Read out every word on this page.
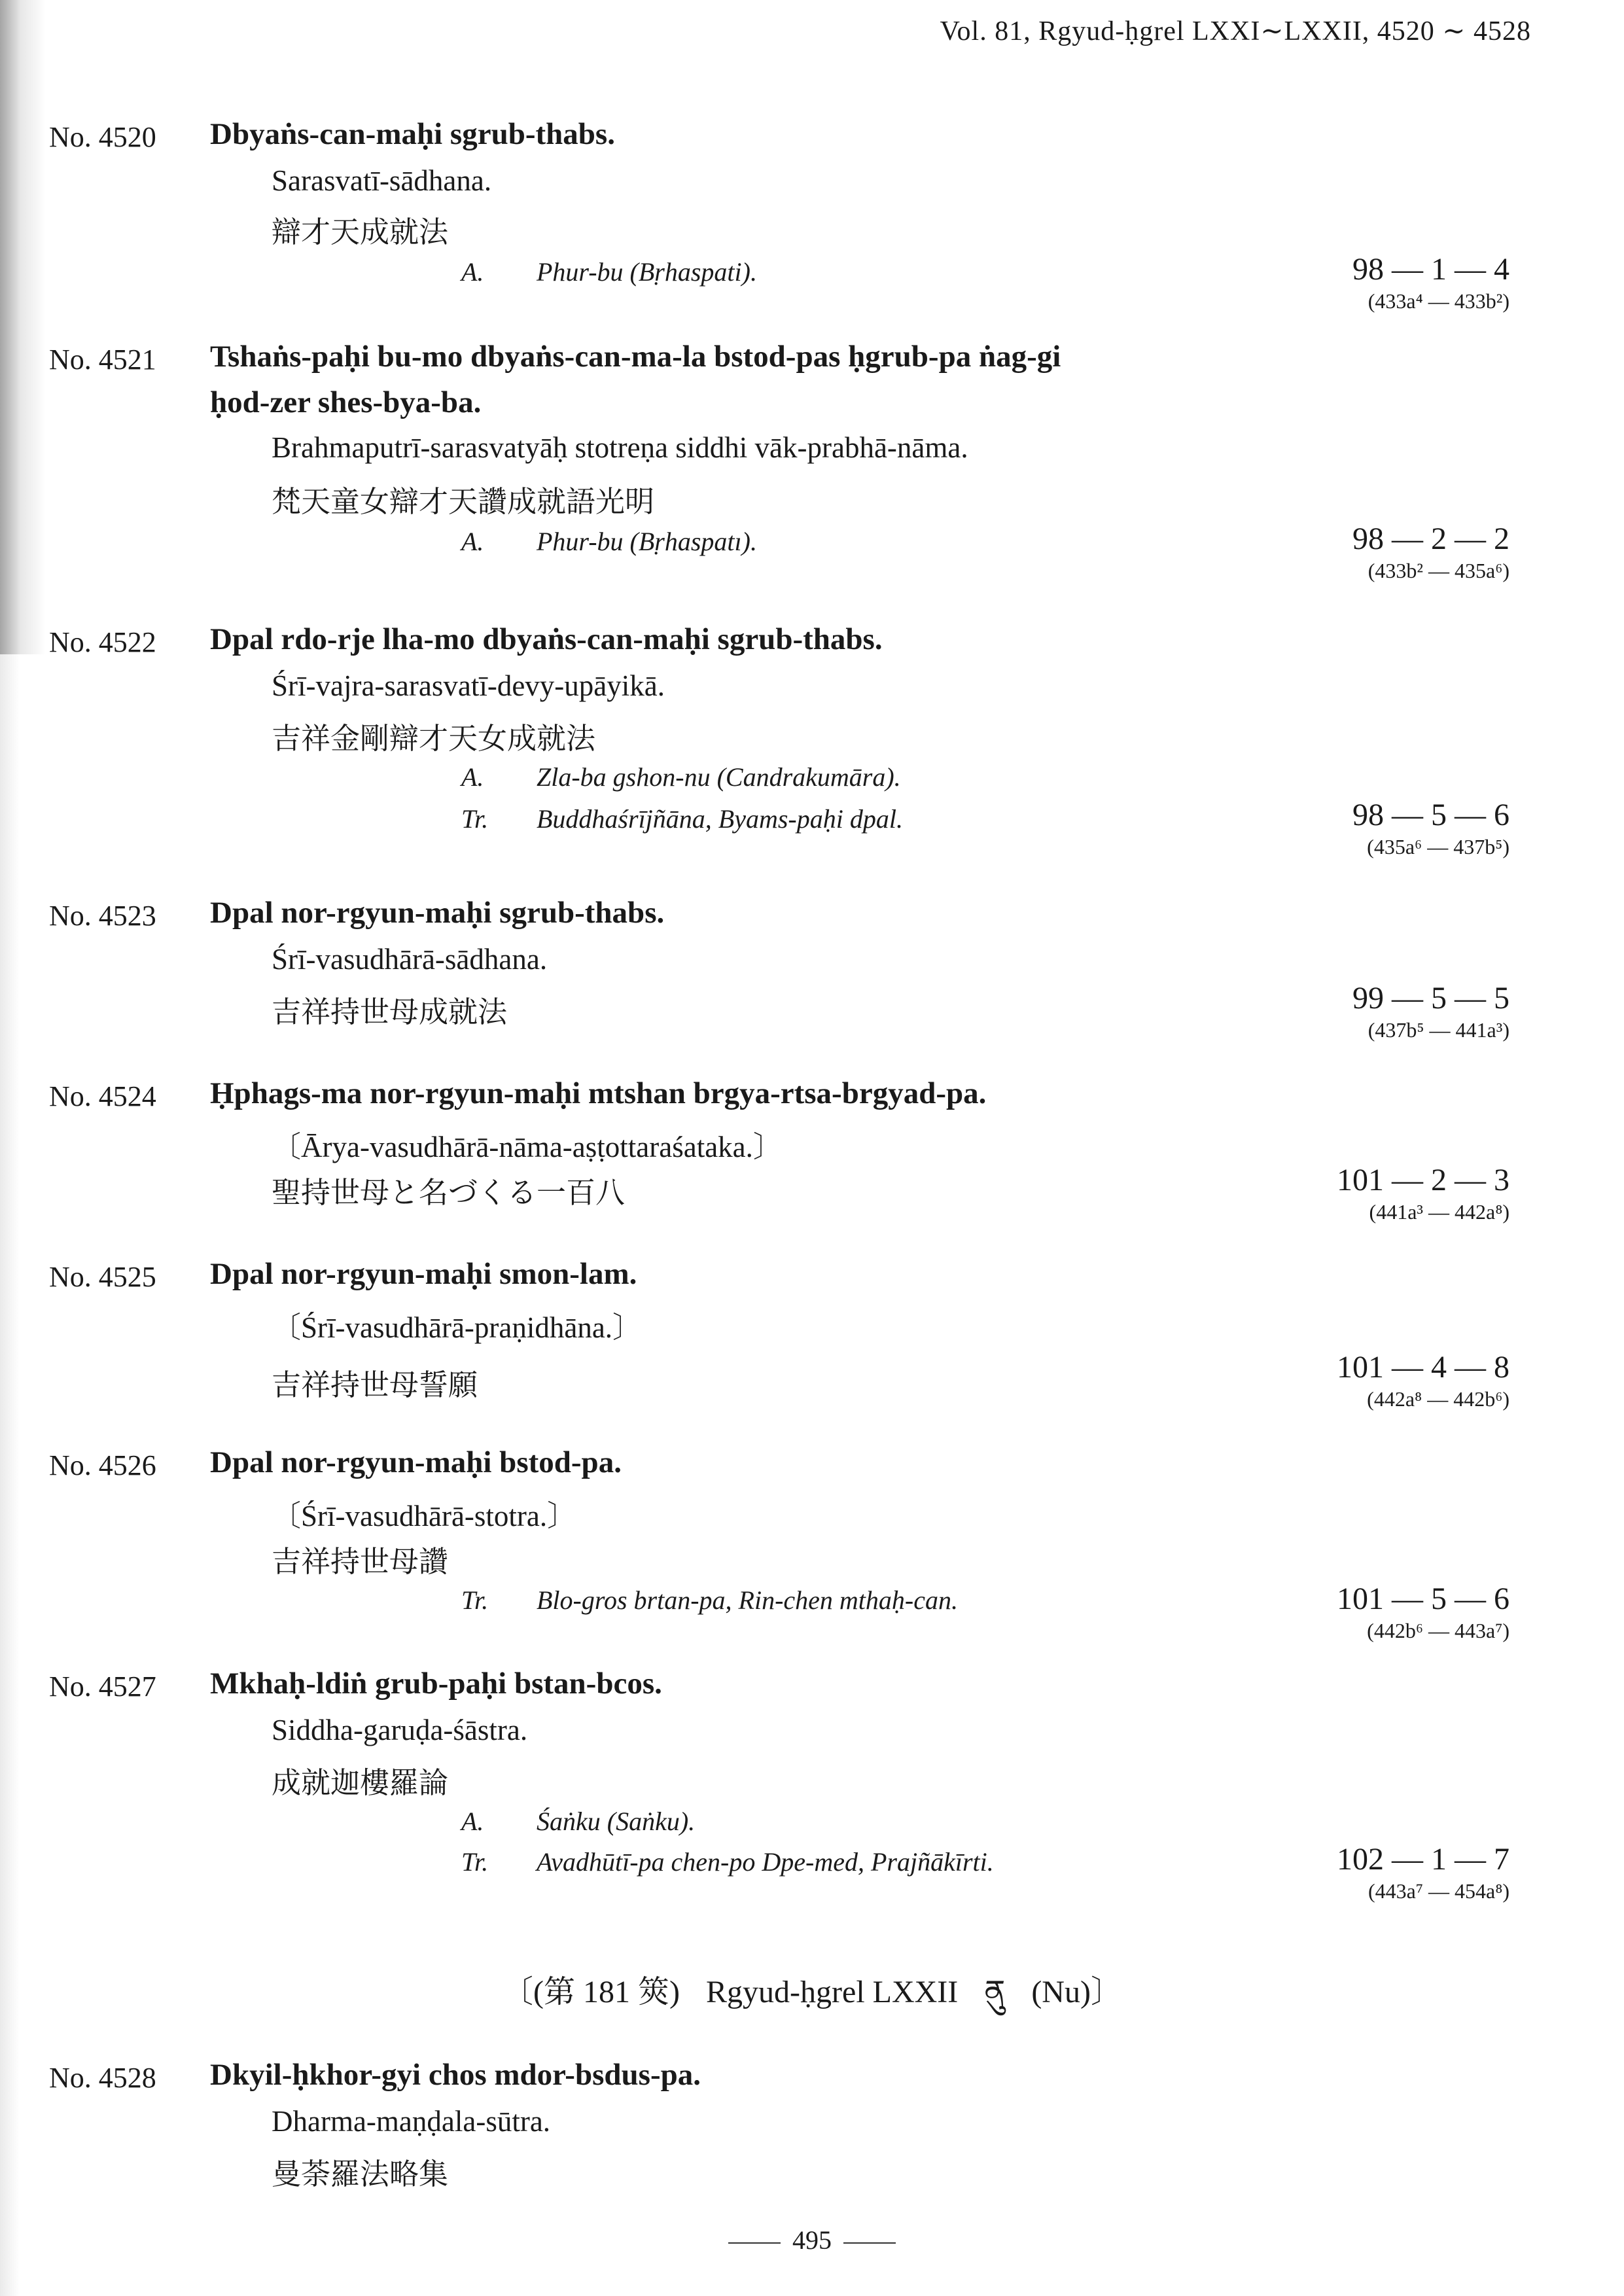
Vol. 81, Rgyud-ḥgrel LXXI∼LXXII, 4520 ∼ 4528
No. 4520 Dbyaṅs-can-maḥi sgrub-thabs.
Sarasvatī-sādhana.
辯才天成就法
A. Phur-bu (Bṛhaspati).	98 — 1 — 4
(433a⁴ — 433b²)
No. 4521 Tshaṅs-paḥi bu-mo dbyaṅs-can-ma-la bstod-pas ḥgrub-pa ṅag-gi
ḥod-zer shes-bya-ba.
Brahmaputrī-sarasvatyāḥ stotreṇa siddhi vāk-prabhā-nāma.
梵天童女辯才天讚成就語光明
A. Phur-bu (Bṛhaspatı).	98 — 2 — 2
(433b² — 435a⁶)
No. 4522 Dpal rdo-rje lha-mo dbyaṅs-can-maḥi sgrub-thabs.
Śrī-vajra-sarasvatī-devy-upāyikā.
吉祥金剛辯才天女成就法
A. Zla-ba gshon-nu (Candrakumāra).
Tr. Buddhaśrījñāna, Byams-paḥi dpal.	98 — 5 — 6
(435a⁶ — 437b⁵)
No. 4523 Dpal nor-rgyun-maḥi sgrub-thabs.
Śrī-vasudhārā-sādhana.
吉祥持世母成就法	99 — 5 — 5
(437b⁵ — 441a³)
No. 4524 Ḥphags-ma nor-rgyun-maḥi mtshan brgya-rtsa-brgyad-pa.
〔Ārya-vasudhārā-nāma-aṣṭottaraśataka.〕
聖持世母と名づくる一百八	101 — 2 — 3
(441a³ — 442a⁸)
No. 4525 Dpal nor-rgyun-maḥi smon-lam.
〔Śrī-vasudhārā-praṇidhāna.〕
吉祥持世母誓願
101 — 4 — 8
(442a⁸ — 442b⁶)
No. 4526 Dpal nor-rgyun-maḥi bstod-pa.
〔Śrī-vasudhārā-stotra.〕
吉祥持世母讚
Tr. Blo-gros brtan-pa, Rin-chen mthaḥ-can.	101 — 5 — 6
(442b⁶ — 443a⁷)
No. 4527 Mkhaḥ-ldiṅ grub-paḥi bstan-bcos.
Siddha-garuḍa-śāstra.
成就迦樓羅論
A. Śaṅku (Saṅku).
Tr. Avadhūtī-pa chen-po Dpe-med, Prajñākīrti.	102 — 1 — 7
(443a⁷ — 454a⁸)
〔(第 181 筴) Rgyud-ḥgrel LXXII ནུ (Nu)〕
No. 4528 Dkyil-ḥkhor-gyi chos mdor-bsdus-pa.
Dharma-maṇḍala-sūtra.
曼荼羅法略集
495
